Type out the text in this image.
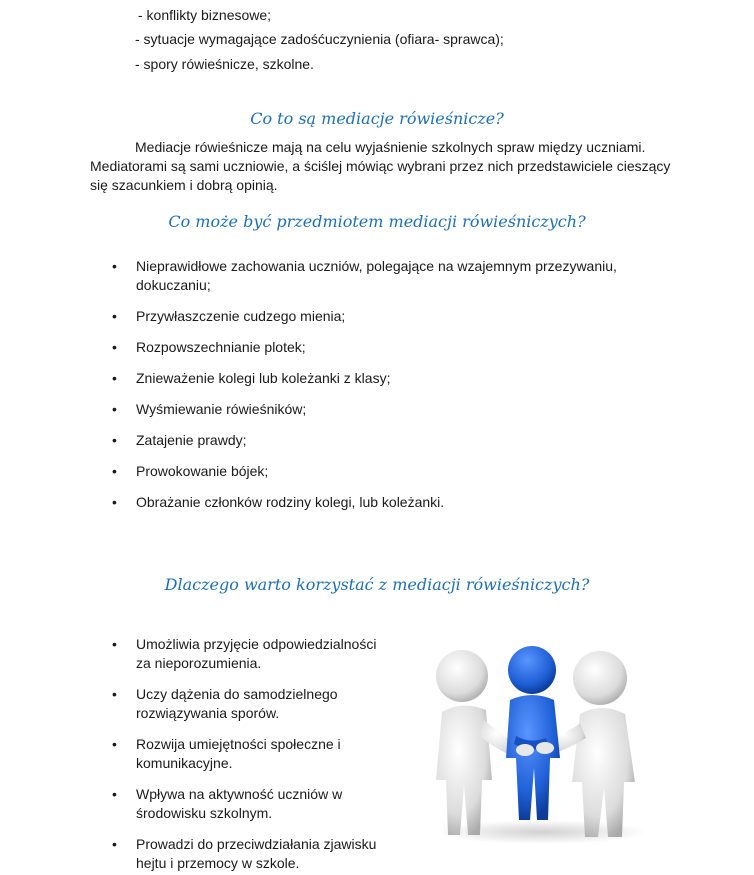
- konflikty biznesowe;
- sytuacje wymagające zadośćuczynienia (ofiara- sprawca);
- spory rówieśnicze, szkolne.
Co to są mediacje rówieśnicze?
Mediacje rówieśnicze mają na celu wyjaśnienie szkolnych spraw między uczniami.
Mediatorami są sami uczniowie, a ściślej mówiąc wybrani przez nich przedstawiciele cieszący
się szacunkiem i dobrą opinią.
Co może być przedmiotem mediacji rówieśniczych?
• Nieprawidłowe zachowania uczniów, polegające na wzajemnym przezywaniu,
dokuczaniu;
• Przywłaszczenie cudzego mienia;
• Rozpowszechnianie plotek;
• Znieważenie kolegi lub koleżanki z klasy;
• Wyśmiewanie rówieśników;
• Zatajenie prawdy;
• Prowokowanie bójek;
• Obrażanie członków rodziny kolegi, lub koleżanki.
Dlaczego warto korzystać z mediacji rówieśniczych?
• Umożliwia przyjęcie odpowiedzialności
za nieporozumienia.
• Uczy dążenia do samodzielnego
rozwiązywania sporów.
• Rozwija umiejętności społeczne i
komunikacyjne.
• Wpływa na aktywność uczniów w
środowisku szkolnym.
• Prowadzi do przeciwdziałania zjawisku
hejtu i przemocy w szkole.
